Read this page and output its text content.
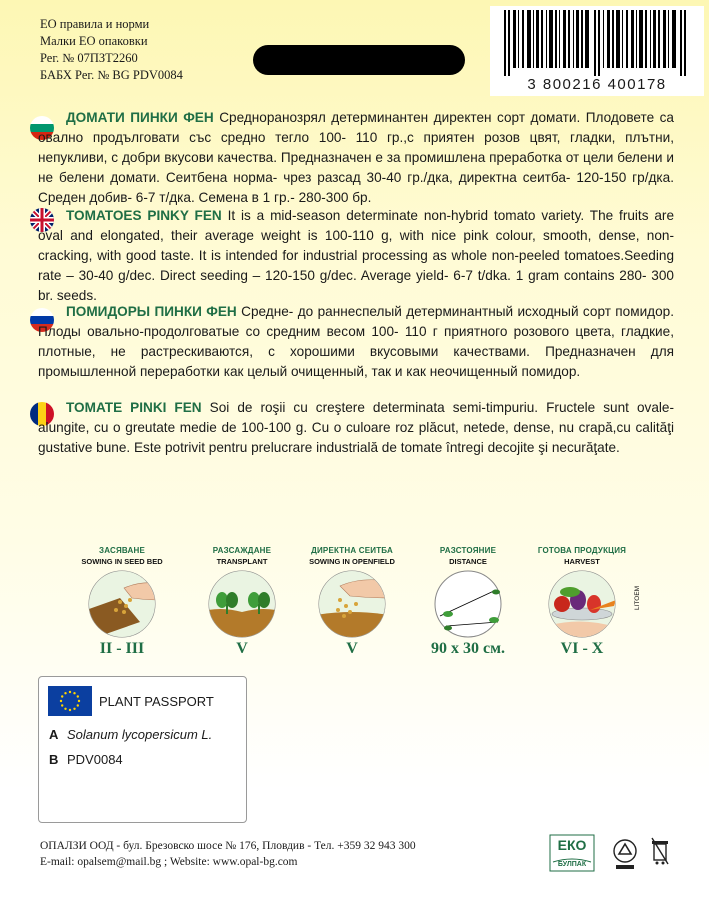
ЕО правила и норми
Малки ЕО опаковки
Рег. № 07ПЗТ2260
БАБХ Рег. № BG PDV0084
3 800216 400178
ДОМАТИ ПИНКИ ФЕН Средноранозрял детерминантен директен сорт домати. Плодовете са овално продълговати със средно тегло 100- 110 гр.,с приятен розов цвят, гладки, плътни, непукливи, с добри вкусови качества. Предназначен е за промишлена преработка от цели белени и не белени домати. Сеитбена норма- чрез разсад 30-40 гр./дка, директна сеитба- 120-150 гр/дка. Среден добив- 6-7 т/дка. Семена в 1 гр.- 280-300 бр.
TOMATOES PINKY FEN It is a mid-season determinate non-hybrid tomato variety. The fruits are oval and elongated, their average weight is 100-110 g, with nice pink colour, smooth, dense, non-cracking, with good taste. It is intended for industrial processing as whole non-peeled tomatoes.Seeding rate – 30-40 g/dec. Direct seeding – 120-150 g/dec. Average yield- 6-7 t/dka. 1 gram contains 280- 300 br. seeds.
ПОМИДОРЫ ПИНКИ ФЕН Средне- до раннеспелый детерминантный исходный сорт помидор. Плоды овально-продолговатые со средним весом 100- 110 г приятного розового цвета, гладкие, плотные, не растрескиваются, с хорошими вкусовыми качествами. Предназначен для промышленной переработки как целый очищенный, так и как неочищенный помидор.
TOMATE PINKI FEN Soi de roşii cu creştere determinata semi-timpuriu. Fructele sunt ovale-alungite, cu o greutate medie de 100-100 g. Cu o culoare roz plăcut, netede, dense, nu crapă,cu calităţi gustative bune. Este potrivit pentru prelucrare industrială de tomate întregi decojite şi necurăţate.
ЗАСЯВАНЕ
SOWING IN SEED BED
II - III
РАЗСАЖДАНЕ
TRANSPLANT
V
ДИРЕКТНА СЕИТБА
SOWING IN OPENFIELD
V
РАЗСТОЯНИЕ
DISTANCE
90 x 30 см.
ГОТОВА ПРОДУКЦИЯ
HARVEST
VI - X
LITOEM
PLANT PASSPORT
A Solanum lycopersicum L.
B PDV0084
ОПАЛЗИ ООД - бул. Брезовско шосе № 176, Пловдив - Тел. +359 32 943 300
E-mail: opalsem@mail.bg ; Website: www.opal-bg.com
ЕКО
БУЛПАК
